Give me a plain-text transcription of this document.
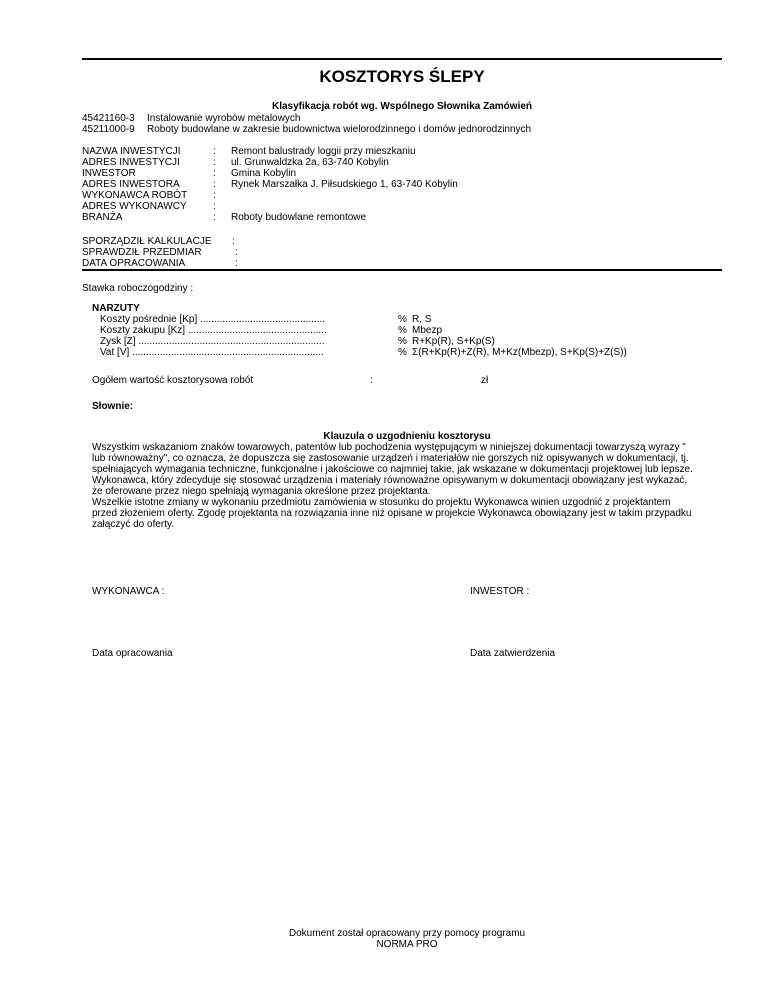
KOSZTORYS ŚLEPY
Klasyfikacja robót wg. Wspólnego Słownika Zamówień
45421160-3 Instalowanie wyrobów metalowych
45211000-9 Roboty budowlane w zakresie budownictwa wielorodzinnego i domów jednorodzinnych
NAZWA INWESTYCJI	: Remont balustrady loggii przy mieszkaniu
ADRES INWESTYCJI	: ul. Grunwaldzka 2a, 63-740 Kobylin
INWESTOR	: Gmina Kobylin
ADRES INWESTORA	: Rynek Marszałka J. Piłsudskiego 1, 63-740 Kobylin
WYKONAWCA ROBÓT	:
ADRES WYKONAWCY	:
BRANŻA	: Roboty budowlane remontowe
SPORZĄDZIŁ KALKULACJE :
SPRAWDZIŁ PRZEDMIAR	:
DATA OPRACOWANIA	:
Stawka roboczogodziny :
NARZUTY
Koszty pośrednie [Kp] .............................................	% R, S
Koszty zakupu [Kz] ..................................................	% Mbezp
Zysk [Z] ...................................................................	% R+Kp(R), S+Kp(S)
Vat [V] .....................................................................	% Σ(R+Kp(R)+Z(R), M+Kz(Mbezp), S+Kp(S)+Z(S))
Ogółem wartość kosztorysowa robót	:	zł
Słownie:
Klauzula o uzgodnieniu kosztorysu
Wszystkim wskazaniom znaków towarowych, patentów lub pochodzenia występującym w niniejszej dokumentacji towarzyszą wyrazy "
lub równoważny", co oznacza, że dopuszcza się zastosowanie urządzeń i materiałów nie gorszych niż opisywanych w dokumentacji, tj.
spełniających wymagania techniczne, funkcjonalne i jakościowe co najmniej takie, jak wskazane w dokumentacji projektowej lub lepsze.
Wykonawca, który zdecyduje się stosować urządzenia i materiały równoważne opisywanym w dokumentacji obowiązany jest wykazać,
że oferowane przez niego spełniają wymagania określone przez projektanta.
Wszelkie istotne zmiany w wykonaniu przedmiotu zamówienia w stosunku do projektu Wykonawca winien uzgodnić z projektantem
przed złożeniem oferty. Zgodę projektanta na rozwiązania inne niż opisane w projekcie Wykonawca obowiązany jest w takim przypadku
załączyć do oferty.
WYKONAWCA :	INWESTOR :
Data opracowania	Data zatwierdzenia
Dokument został opracowany przy pomocy programu
NORMA PRO
